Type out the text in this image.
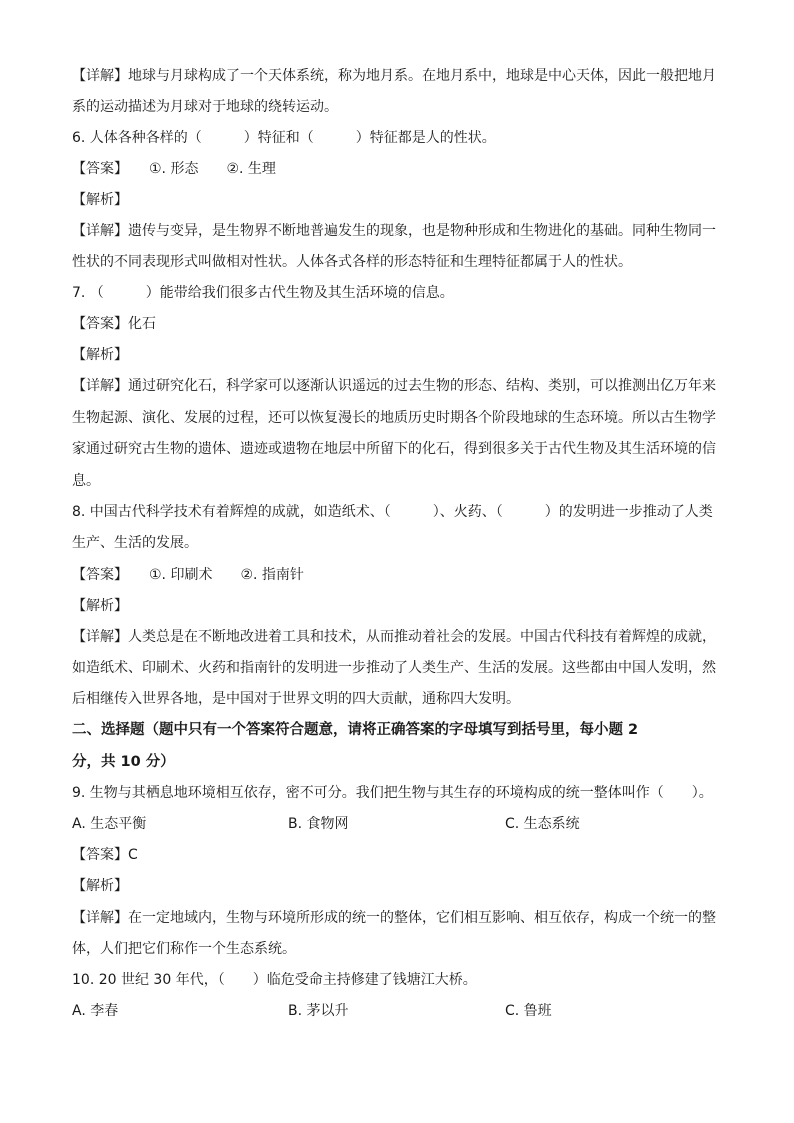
【详解】地球与月球构成了一个天体系统，称为地月系。在地月系中，地球是中心天体，因此一般把地月
系的运动描述为月球对于地球的绕转运动。
6. 人体各种各样的（　　　）特征和（　　　）特征都是人的性状。
【答案】　　①. 形态　　②. 生理
【解析】
【详解】遗传与变异，是生物界不断地普遍发生的现象，也是物种形成和生物进化的基础。同种生物同一
性状的不同表现形式叫做相对性状。人体各式各样的形态特征和生理特征都属于人的性状。
7. （　　　）能带给我们很多古代生物及其生活环境的信息。
【答案】化石
【解析】
【详解】通过研究化石，科学家可以逐渐认识遥远的过去生物的形态、结构、类别，可以推测出亿万年来
生物起源、演化、发展的过程，还可以恢复漫长的地质历史时期各个阶段地球的生态环境。所以古生物学
家通过研究古生物的遗体、遗迹或遗物在地层中所留下的化石，得到很多关于古代生物及其生活环境的信
息。
8. 中国古代科学技术有着辉煌的成就，如造纸术、（　　　）、火药、（　　　）的发明进一步推动了人类
生产、生活的发展。
【答案】　　①. 印刷术　　②. 指南针
【解析】
【详解】人类总是在不断地改进着工具和技术，从而推动着社会的发展。中国古代科技有着辉煌的成就，
如造纸术、印刷术、火药和指南针的发明进一步推动了人类生产、生活的发展。这些都由中国人发明，然
后相继传入世界各地，是中国对于世界文明的四大贡献，通称四大发明。
二、选择题（题中只有一个答案符合题意，请将正确答案的字母填写到括号里，每小题 2
分，共 10 分）
9. 生物与其栖息地环境相互依存，密不可分。我们把生物与其生存的环境构成的统一整体叫作（　　）。
A. 生态平衡	B. 食物网	C. 生态系统
【答案】C
【解析】
【详解】在一定地域内，生物与环境所形成的统一的整体，它们相互影响、相互依存，构成一个统一的整
体，人们把它们称作一个生态系统。
10. 20 世纪 30 年代，（　　）临危受命主持修建了钱塘江大桥。
A. 李春	B. 茅以升	C. 鲁班
